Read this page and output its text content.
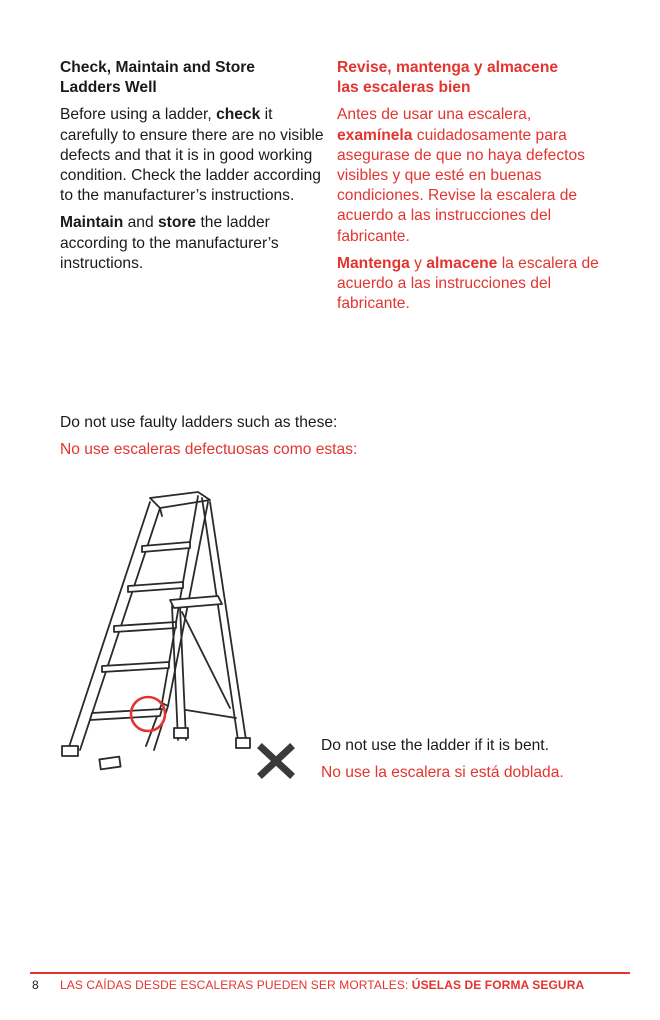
Check, Maintain and Store
Ladders Well

Before using a ladder, check it carefully to ensure there are no visible defects and that it is in good working condition. Check the ladder according to the manufacturer’s instructions.

Maintain and store the ladder according to the manufacturer’s instructions.

Revise, mantenga y almacene
las escaleras bien

Antes de usar una escalera, examínela cuidadosamente para asegurase de que no haya defectos visibles y que esté en buenas condiciones. Revise la escalera de acuerdo a las instrucciones del fabricante.

Mantenga y almacene la escalera de acuerdo a las instrucciones del fabricante.

Do not use faulty ladders such as these:
No use escaleras defectuosas como estas:
Do not use the ladder if it is bent.
No use la escalera si está doblada.
8 LAS CAÍDAS DESDE ESCALERAS PUEDEN SER MORTALES: ÚSELAS DE FORMA SEGURA
